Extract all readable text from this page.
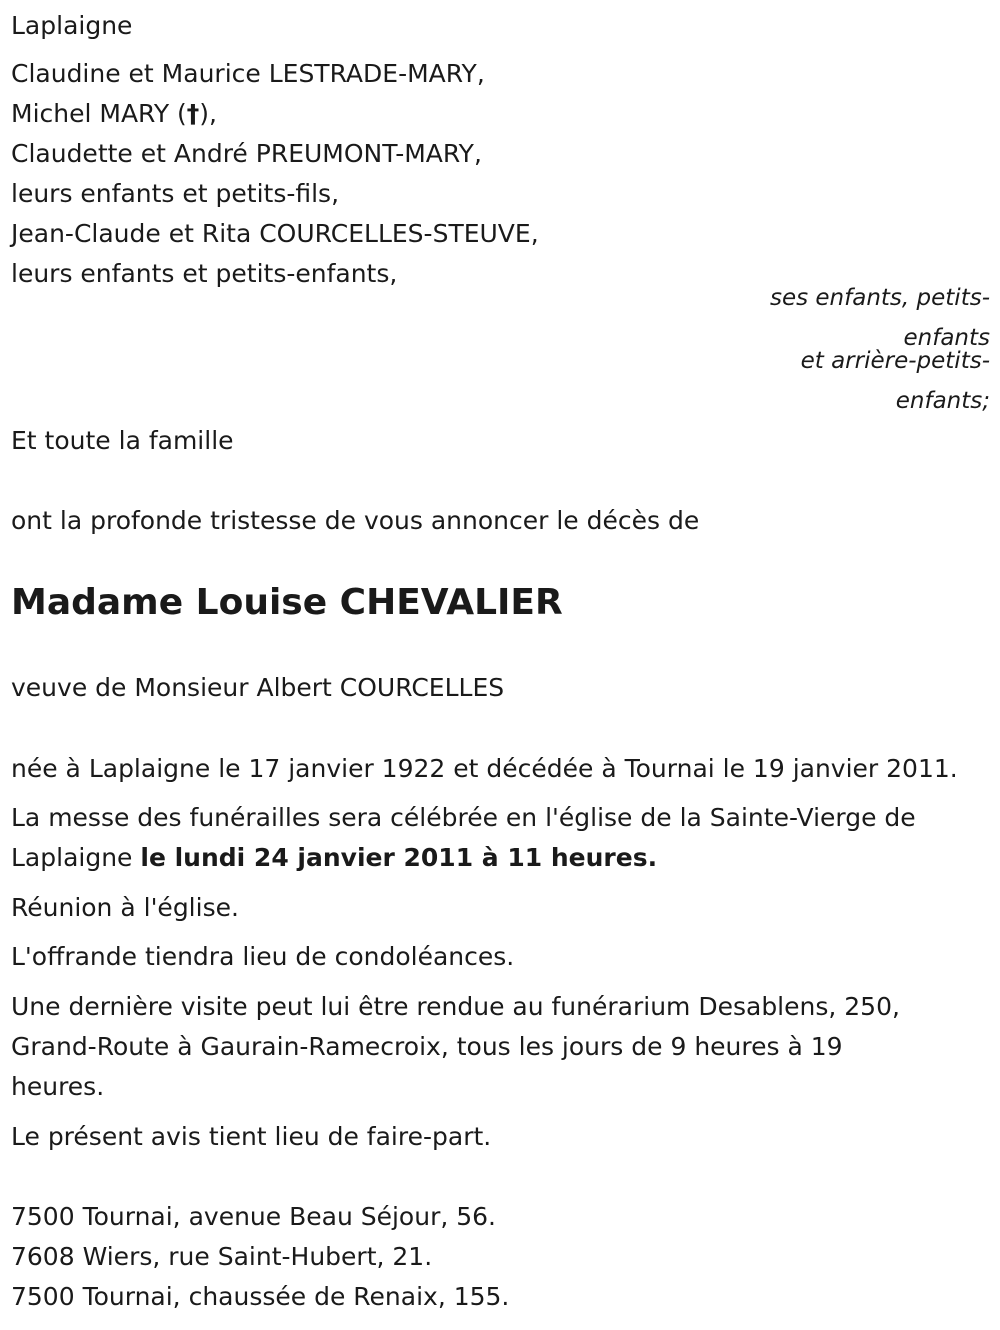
Laplaigne
Claudine et Maurice LESTRADE-MARY,
Michel MARY (†),
Claudette et André PREUMONT-MARY,
leurs enfants et petits-fils,
Jean-Claude et Rita COURCELLES-STEUVE,
leurs enfants et petits-enfants,
ses enfants, petits-
enfants
et arrière-petits-
enfants;
Et toute la famille
ont la profonde tristesse de vous annoncer le décès de
Madame Louise CHEVALIER
veuve de Monsieur Albert COURCELLES
née à Laplaigne le 17 janvier 1922 et décédée à Tournai le 19 janvier 2011.
La messe des funérailles sera célébrée en l'église de la Sainte-Vierge de
Laplaigne le lundi 24 janvier 2011 à 11 heures.
Réunion à l'église.
L'offrande tiendra lieu de condoléances.
Une dernière visite peut lui être rendue au funérarium Desablens, 250,
Grand-Route à Gaurain-Ramecroix, tous les jours de 9 heures à 19
heures.
Le présent avis tient lieu de faire-part.
7500 Tournai, avenue Beau Séjour, 56.
7608 Wiers, rue Saint-Hubert, 21.
7500 Tournai, chaussée de Renaix, 155.
